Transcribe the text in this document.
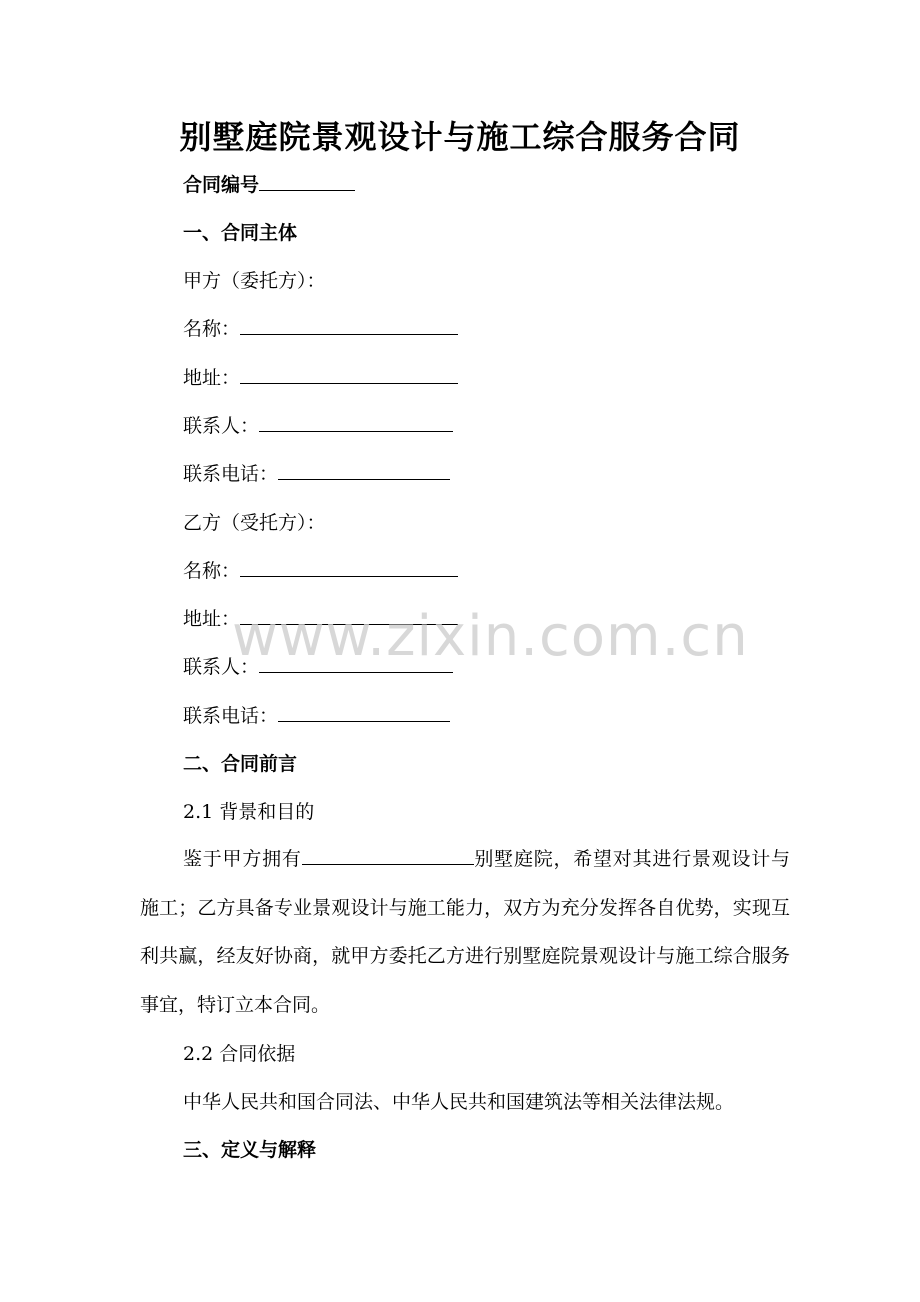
别墅庭院景观设计与施工综合服务合同
合同编号
一、合同主体
甲方（委托方）：
名称：
地址：
联系人：
联系电话：
乙方（受托方）：
名称：
地址：
联系人：
联系电话：
二、合同前言
2.1 背景和目的
鉴于甲方拥有	别墅庭院，希望对其进行景观设计与施工；乙方具备专业景观设计与施工能力，双方为充分发挥各自优势，实现互利共赢，经友好协商，就甲方委托乙方进行别墅庭院景观设计与施工综合服务事宜，特订立本合同。
2.2 合同依据
中华人民共和国合同法、中华人民共和国建筑法等相关法律法规。
三、定义与解释
www.zixin.com.cn
